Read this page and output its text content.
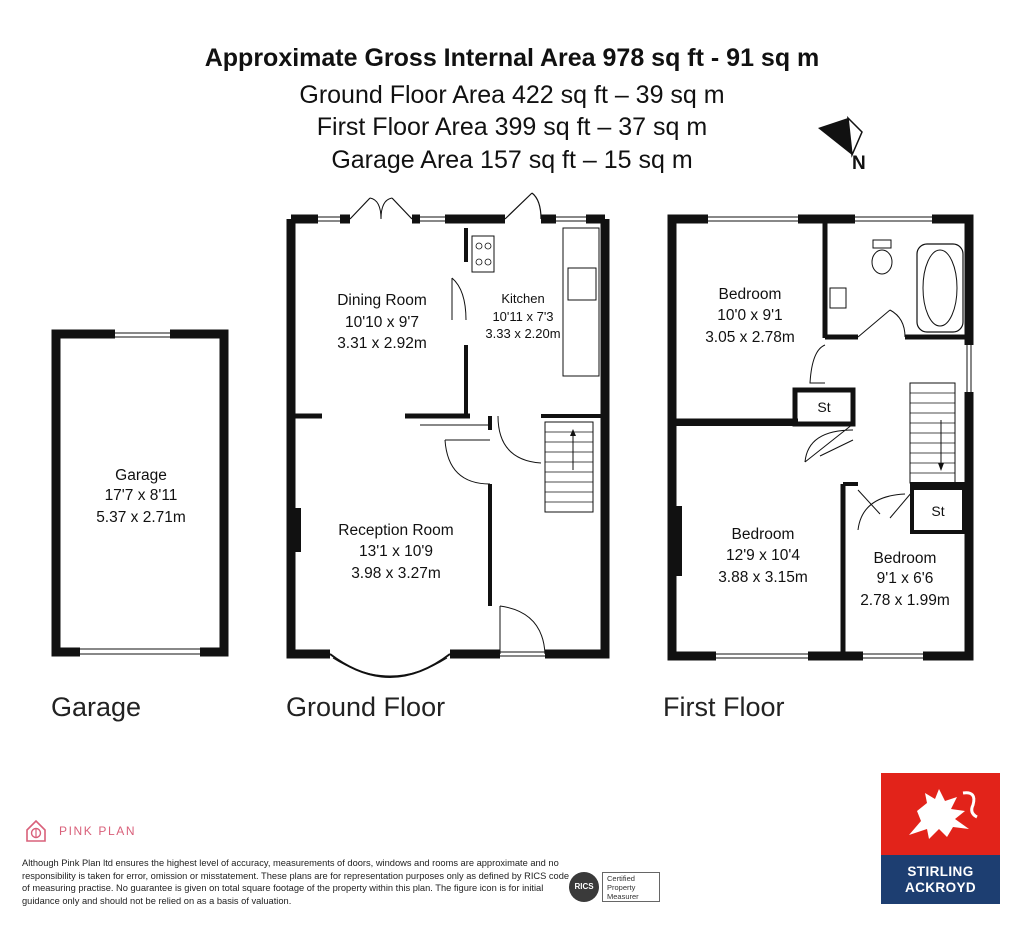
Approximate Gross Internal Area 978 sq ft - 91 sq m
Ground Floor Area 422 sq ft – 39 sq m
First Floor Area 399 sq ft – 37 sq m
Garage Area 157 sq ft – 15 sq m
Garage
17'7 x 8'11
5.37 x 2.71m
Dining Room
10'10 x 9'7
3.31 x 2.92m
Kitchen
10'11 x 7'3
3.33 x 2.20m
Reception Room
13'1 x 10'9
3.98 x 3.27m
Bedroom
10'0 x 9'1
3.05 x 2.78m
Bedroom
12'9 x 10'4
3.88 x 3.15m
Bedroom
9'1 x 6'6
2.78 x 1.99m
St
St
N
Garage	Ground Floor	First Floor
PINK PLAN
Although Pink Plan ltd ensures the highest level of accuracy, measurements of doors, windows and rooms are approximate and no responsibility is taken for error, omission or misstatement. These plans are for representation purposes only as defined by RICS code of measuring practise. No guarantee is given on total square footage of the property within this plan. The figure icon is for initial guidance only and should not be relied on as a basis of valuation.
RICS
Certified Property Measurer
STIRLING
ACKROYD
